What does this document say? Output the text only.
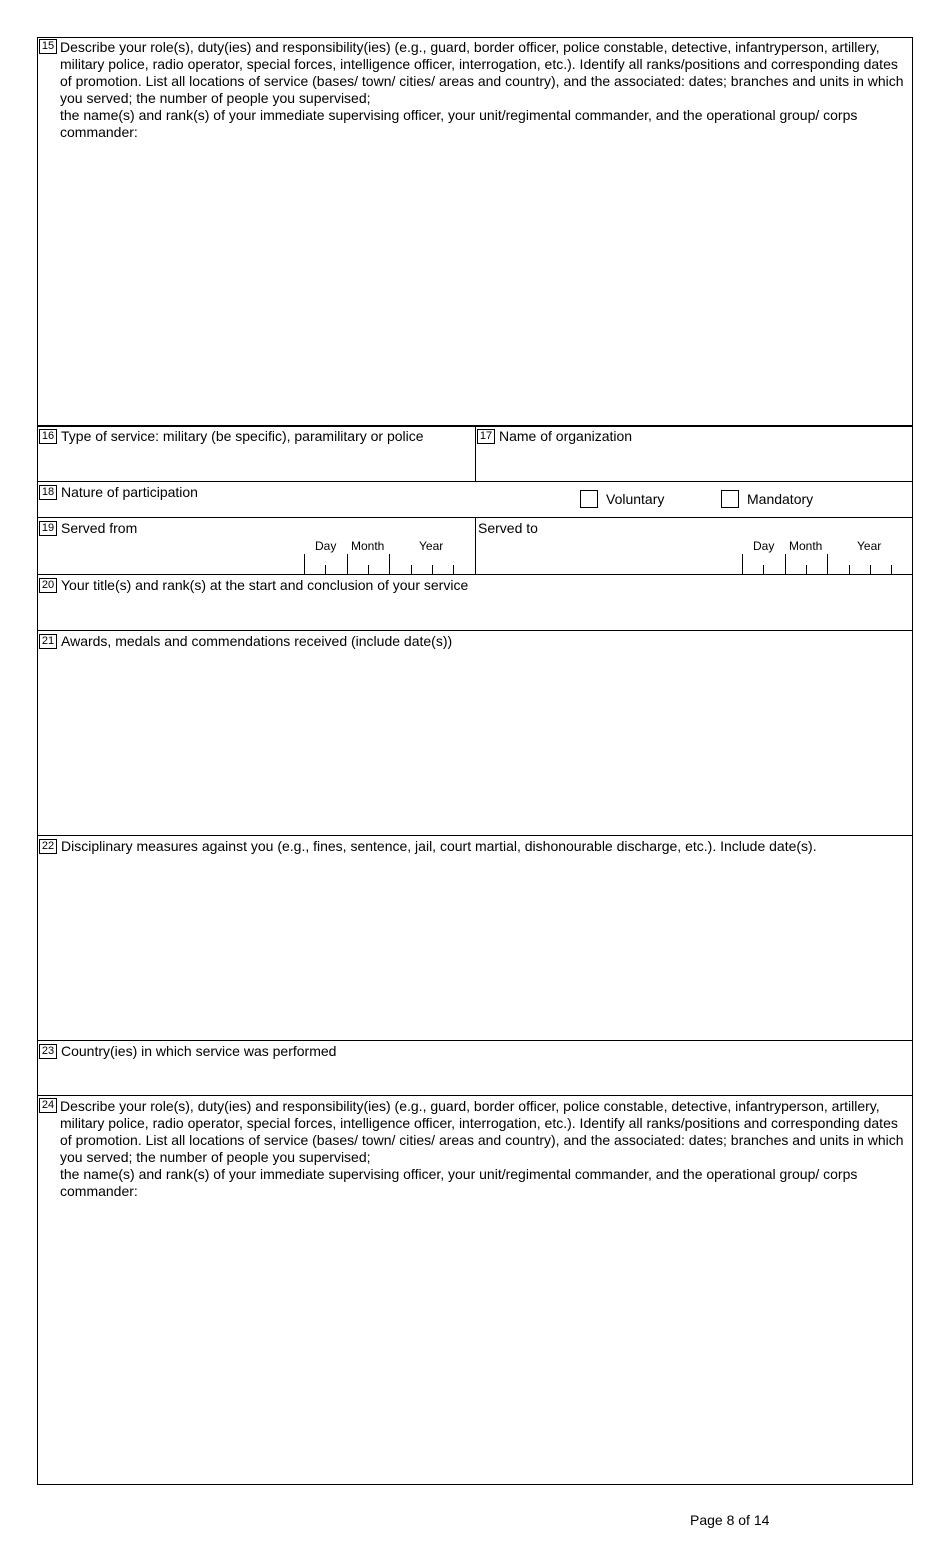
15 Describe your role(s), duty(ies) and responsibility(ies) (e.g., guard, border officer, police constable, detective, infantryperson, artillery, military police, radio operator, special forces, intelligence officer, interrogation, etc.). Identify all ranks/positions and corresponding dates of promotion. List all locations of service (bases/ town/ cities/ areas and country), and the associated: dates; branches and units in which you served; the number of people you supervised;
the name(s) and rank(s) of your immediate supervising officer, your unit/regimental commander, and the operational group/ corps commander:
16 Type of service: military (be specific), paramilitary or police	17 Name of organization
18 Nature of participation	Voluntary	Mandatory
19 Served from
Day Month	Year
Served to
Day Month	Year
20 Your title(s) and rank(s) at the start and conclusion of your service
21 Awards, medals and commendations received (include date(s))
22 Disciplinary measures against you (e.g., fines, sentence, jail, court martial, dishonourable discharge, etc.). Include date(s).
23 Country(ies) in which service was performed
24 Describe your role(s), duty(ies) and responsibility(ies) (e.g., guard, border officer, police constable, detective, infantryperson, artillery, military police, radio operator, special forces, intelligence officer, interrogation, etc.). Identify all ranks/positions and corresponding dates of promotion. List all locations of service (bases/ town/ cities/ areas and country), and the associated: dates; branches and units in which you served; the number of people you supervised;
the name(s) and rank(s) of your immediate supervising officer, your unit/regimental commander, and the operational group/ corps commander:
Page 8 of 14
